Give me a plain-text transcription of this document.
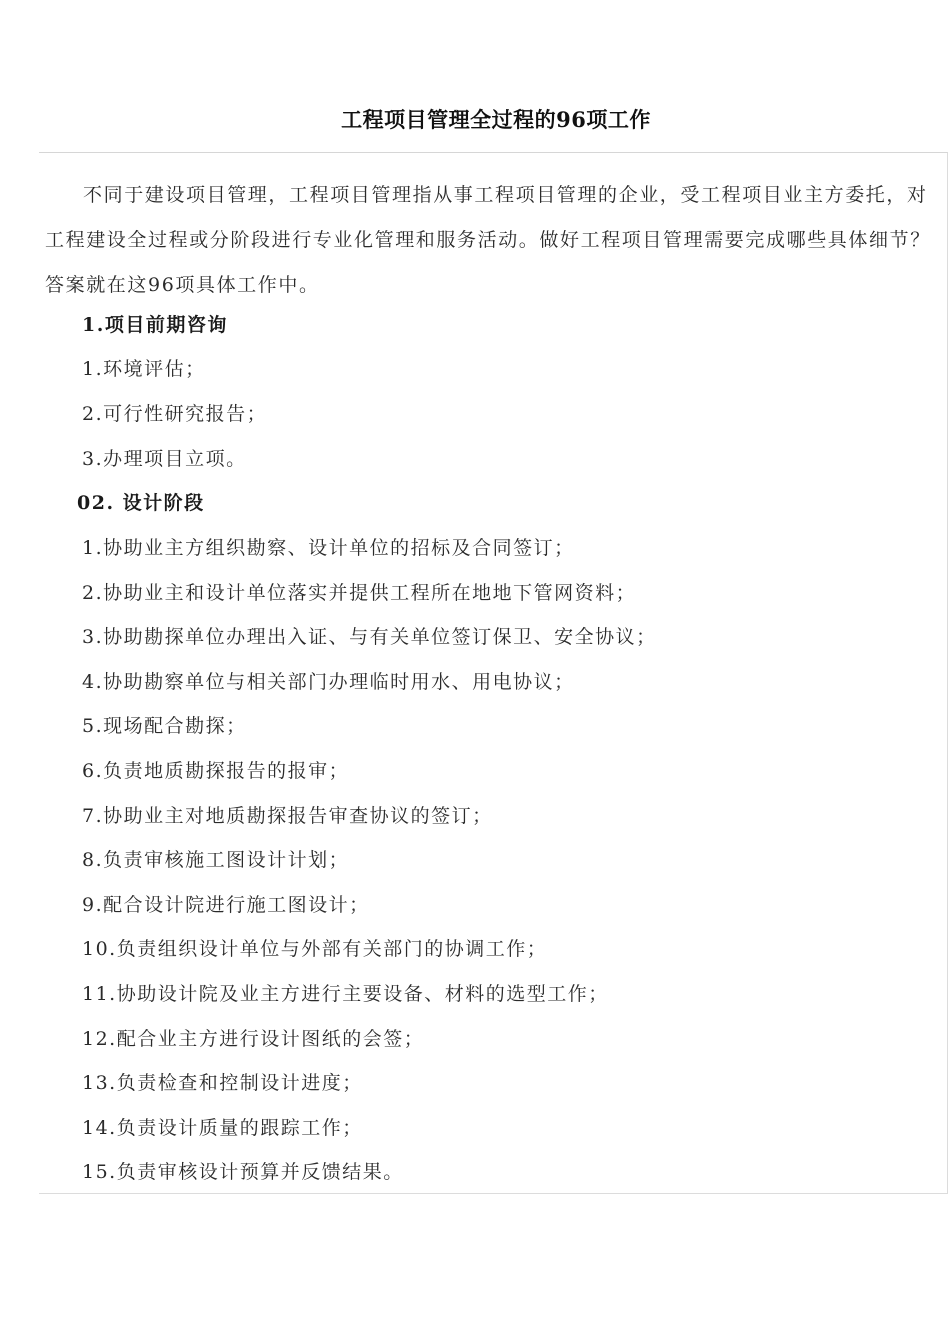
工程项目管理全过程的96项工作

不同于建设项目管理，工程项目管理指从事工程项目管理的企业，受工程项目业主方委托，对工程建设全过程或分阶段进行专业化管理和服务活动。做好工程项目管理需要完成哪些具体细节？答案就在这96项具体工作中。

1.项目前期咨询

1.环境评估；

2.可行性研究报告；

3.办理项目立项。

02. 设计阶段

1.协助业主方组织勘察、设计单位的招标及合同签订；

2.协助业主和设计单位落实并提供工程所在地地下管网资料；

3.协助勘探单位办理出入证、与有关单位签订保卫、安全协议；

4.协助勘察单位与相关部门办理临时用水、用电协议；

5.现场配合勘探；

6.负责地质勘探报告的报审；

7.协助业主对地质勘探报告审查协议的签订；

8.负责审核施工图设计计划；

9.配合设计院进行施工图设计；

10.负责组织设计单位与外部有关部门的协调工作；

11.协助设计院及业主方进行主要设备、材料的选型工作；

12.配合业主方进行设计图纸的会签；

13.负责检查和控制设计进度；

14.负责设计质量的跟踪工作；

15.负责审核设计预算并反馈结果。
